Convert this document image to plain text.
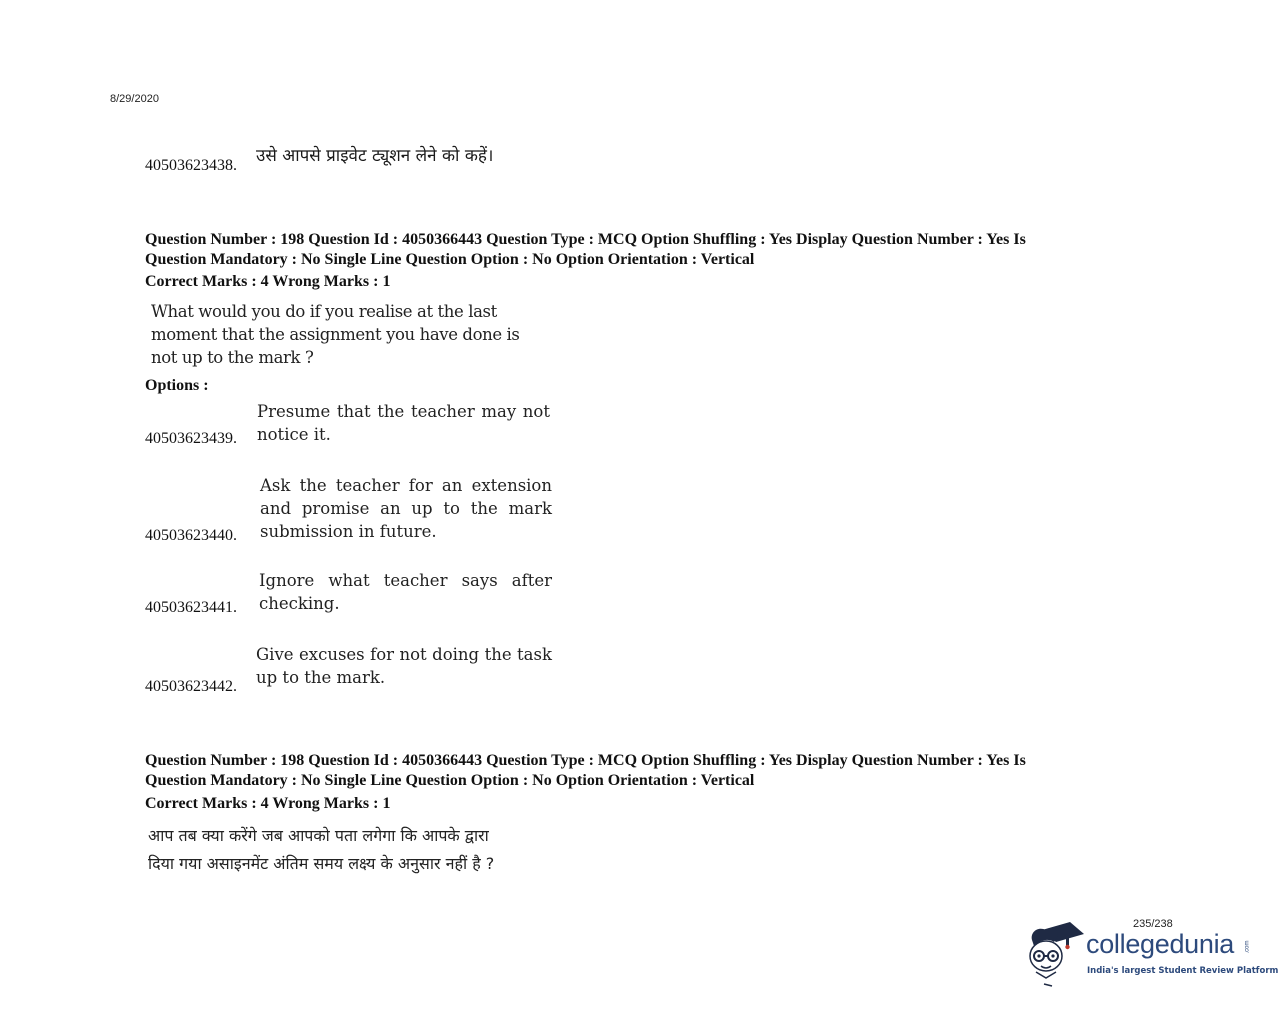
8/29/2020
40503623438. उसे आपसे प्राइवेट ट्यूशन लेने को कहें।
Question Number : 198 Question Id : 4050366443 Question Type : MCQ Option Shuffling : Yes Display Question Number : Yes Is
Question Mandatory : No Single Line Question Option : No Option Orientation : Vertical
Correct Marks : 4 Wrong Marks : 1
What would you do if you realise at the last moment that the assignment you have done is not up to the mark ?
Options :
40503623439.
Presume that the teacher may not notice it.
40503623440.
Ask the teacher for an extension and promise an up to the mark submission in future.
40503623441.
Ignore what teacher says after checking.
40503623442.
Give excuses for not doing the task up to the mark.
Question Number : 198 Question Id : 4050366443 Question Type : MCQ Option Shuffling : Yes Display Question Number : Yes Is
Question Mandatory : No Single Line Question Option : No Option Orientation : Vertical
Correct Marks : 4 Wrong Marks : 1
आप तब क्या करेंगे जब आपको पता लगेगा कि आपके द्वारा दिया गया असाइनमेंट अंतिम समय लक्ष्य के अनुसार नहीं है ?
235/238
collegedunia .com
India's largest Student Review Platform
